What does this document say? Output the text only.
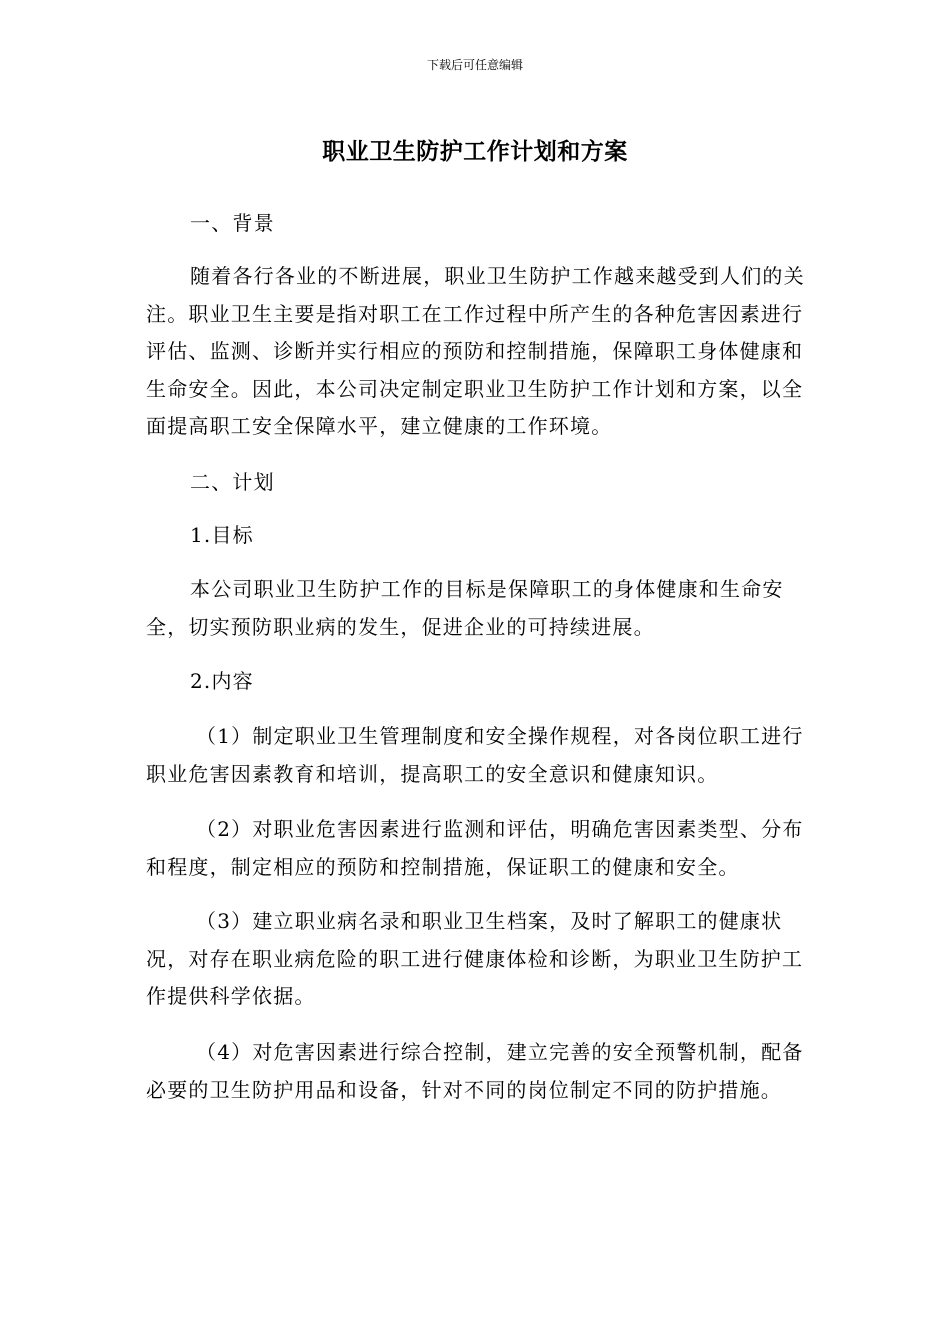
下载后可任意编辑
职业卫生防护工作计划和方案

一、背景

随着各行各业的不断进展，职业卫生防护工作越来越受到人们的关注。职业卫生主要是指对职工在工作过程中所产生的各种危害因素进行评估、监测、诊断并实行相应的预防和控制措施，保障职工身体健康和生命安全。因此，本公司决定制定职业卫生防护工作计划和方案，以全面提高职工安全保障水平，建立健康的工作环境。

二、计划

1.目标

本公司职业卫生防护工作的目标是保障职工的身体健康和生命安全，切实预防职业病的发生，促进企业的可持续进展。

2.内容

（1）制定职业卫生管理制度和安全操作规程，对各岗位职工进行职业危害因素教育和培训，提高职工的安全意识和健康知识。

（2）对职业危害因素进行监测和评估，明确危害因素类型、分布和程度，制定相应的预防和控制措施，保证职工的健康和安全。

（3）建立职业病名录和职业卫生档案，及时了解职工的健康状况，对存在职业病危险的职工进行健康体检和诊断，为职业卫生防护工作提供科学依据。

（4）对危害因素进行综合控制，建立完善的安全预警机制，配备必要的卫生防护用品和设备，针对不同的岗位制定不同的防护措施。
